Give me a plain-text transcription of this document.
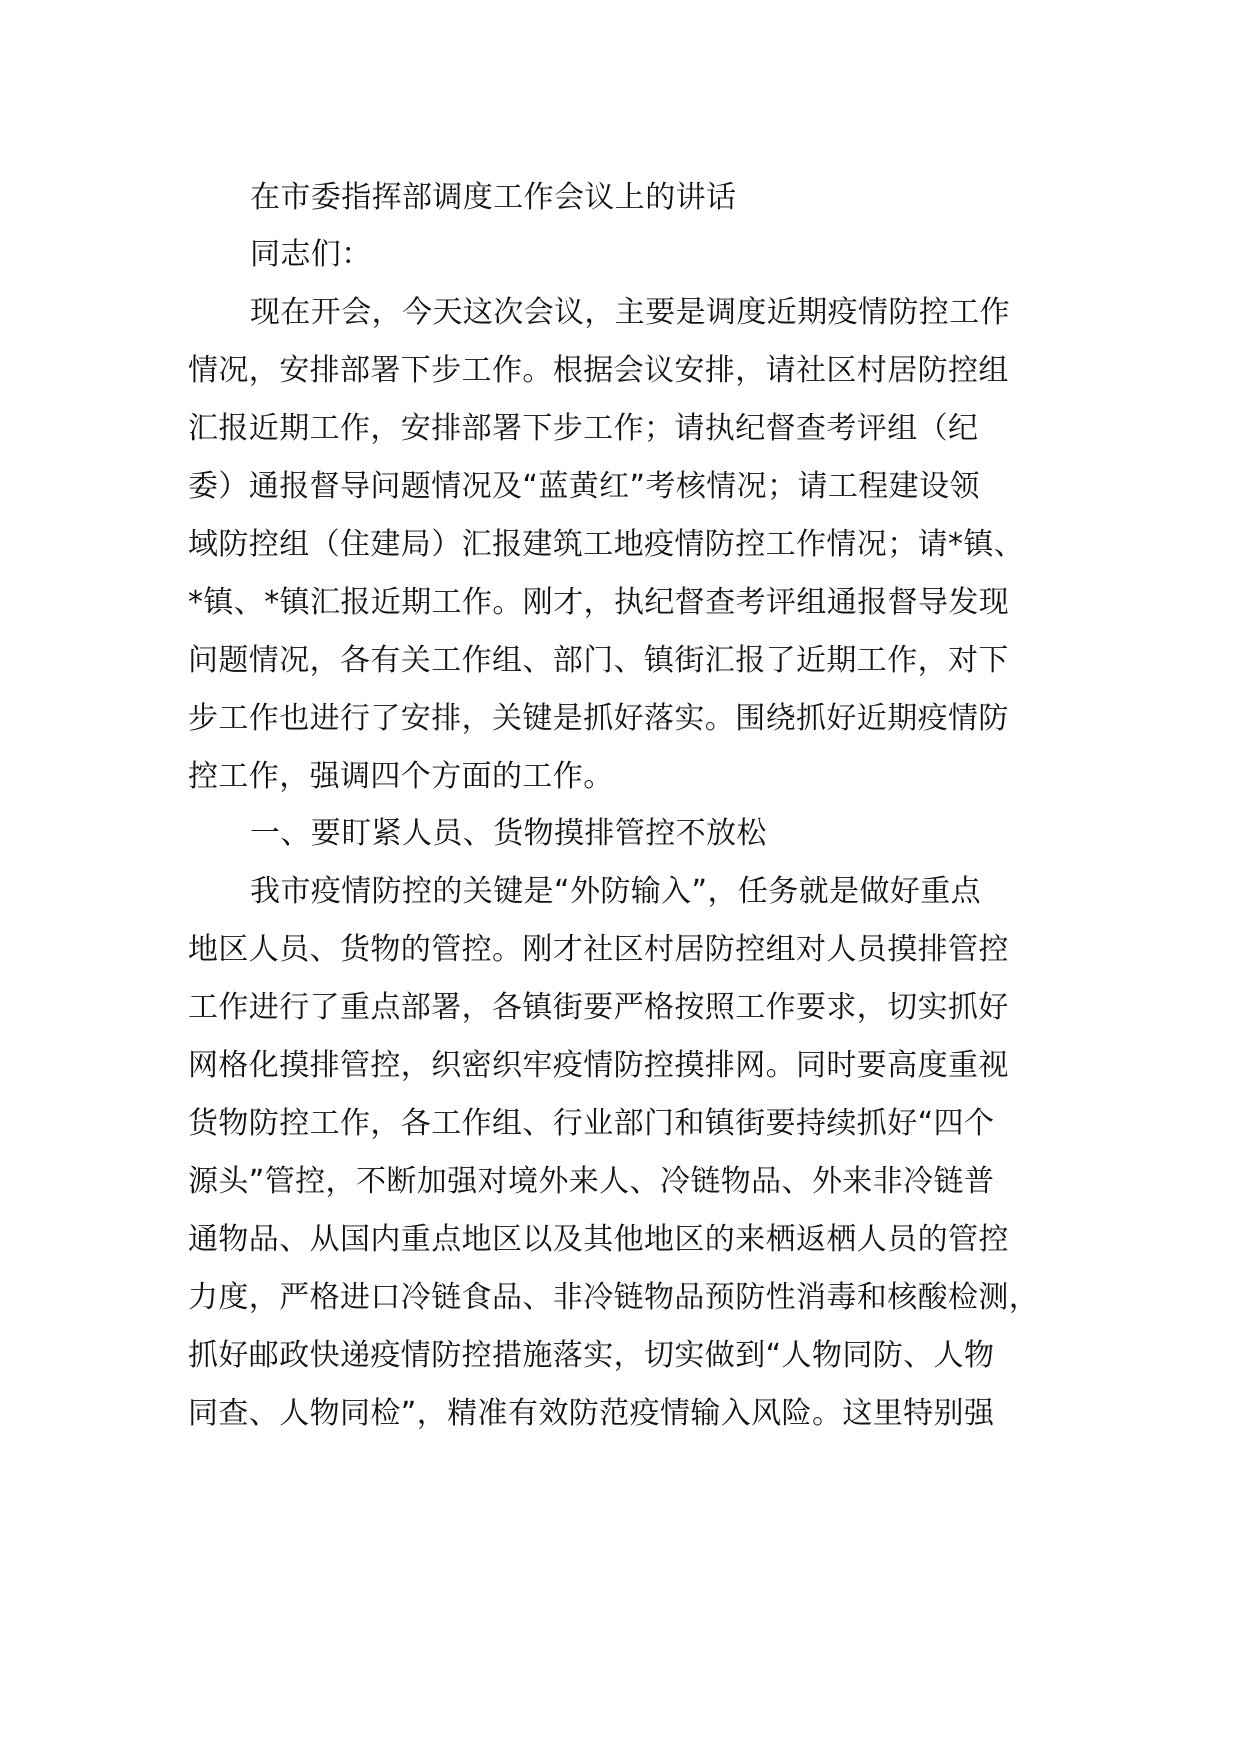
在市委指挥部调度工作会议上的讲话
同志们：
现在开会，今天这次会议，主要是调度近期疫情防控工作
情况，安排部署下步工作。根据会议安排，请社区村居防控组
汇报近期工作，安排部署下步工作；请执纪督查考评组（纪
委）通报督导问题情况及“蓝黄红”考核情况；请工程建设领
域防控组（住建局）汇报建筑工地疫情防控工作情况；请*镇、
*镇、*镇汇报近期工作。刚才，执纪督查考评组通报督导发现
问题情况，各有关工作组、部门、镇街汇报了近期工作，对下
步工作也进行了安排，关键是抓好落实。围绕抓好近期疫情防
控工作，强调四个方面的工作。
一、要盯紧人员、货物摸排管控不放松
我市疫情防控的关键是“外防输入”，任务就是做好重点
地区人员、货物的管控。刚才社区村居防控组对人员摸排管控
工作进行了重点部署，各镇街要严格按照工作要求，切实抓好
网格化摸排管控，织密织牢疫情防控摸排网。同时要高度重视
货物防控工作，各工作组、行业部门和镇街要持续抓好“四个
源头”管控，不断加强对境外来人、冷链物品、外来非冷链普
通物品、从国内重点地区以及其他地区的来栖返栖人员的管控
力度，严格进口冷链食品、非冷链物品预防性消毒和核酸检测，
抓好邮政快递疫情防控措施落实，切实做到“人物同防、人物
同查、人物同检”，精准有效防范疫情输入风险。这里特别强
